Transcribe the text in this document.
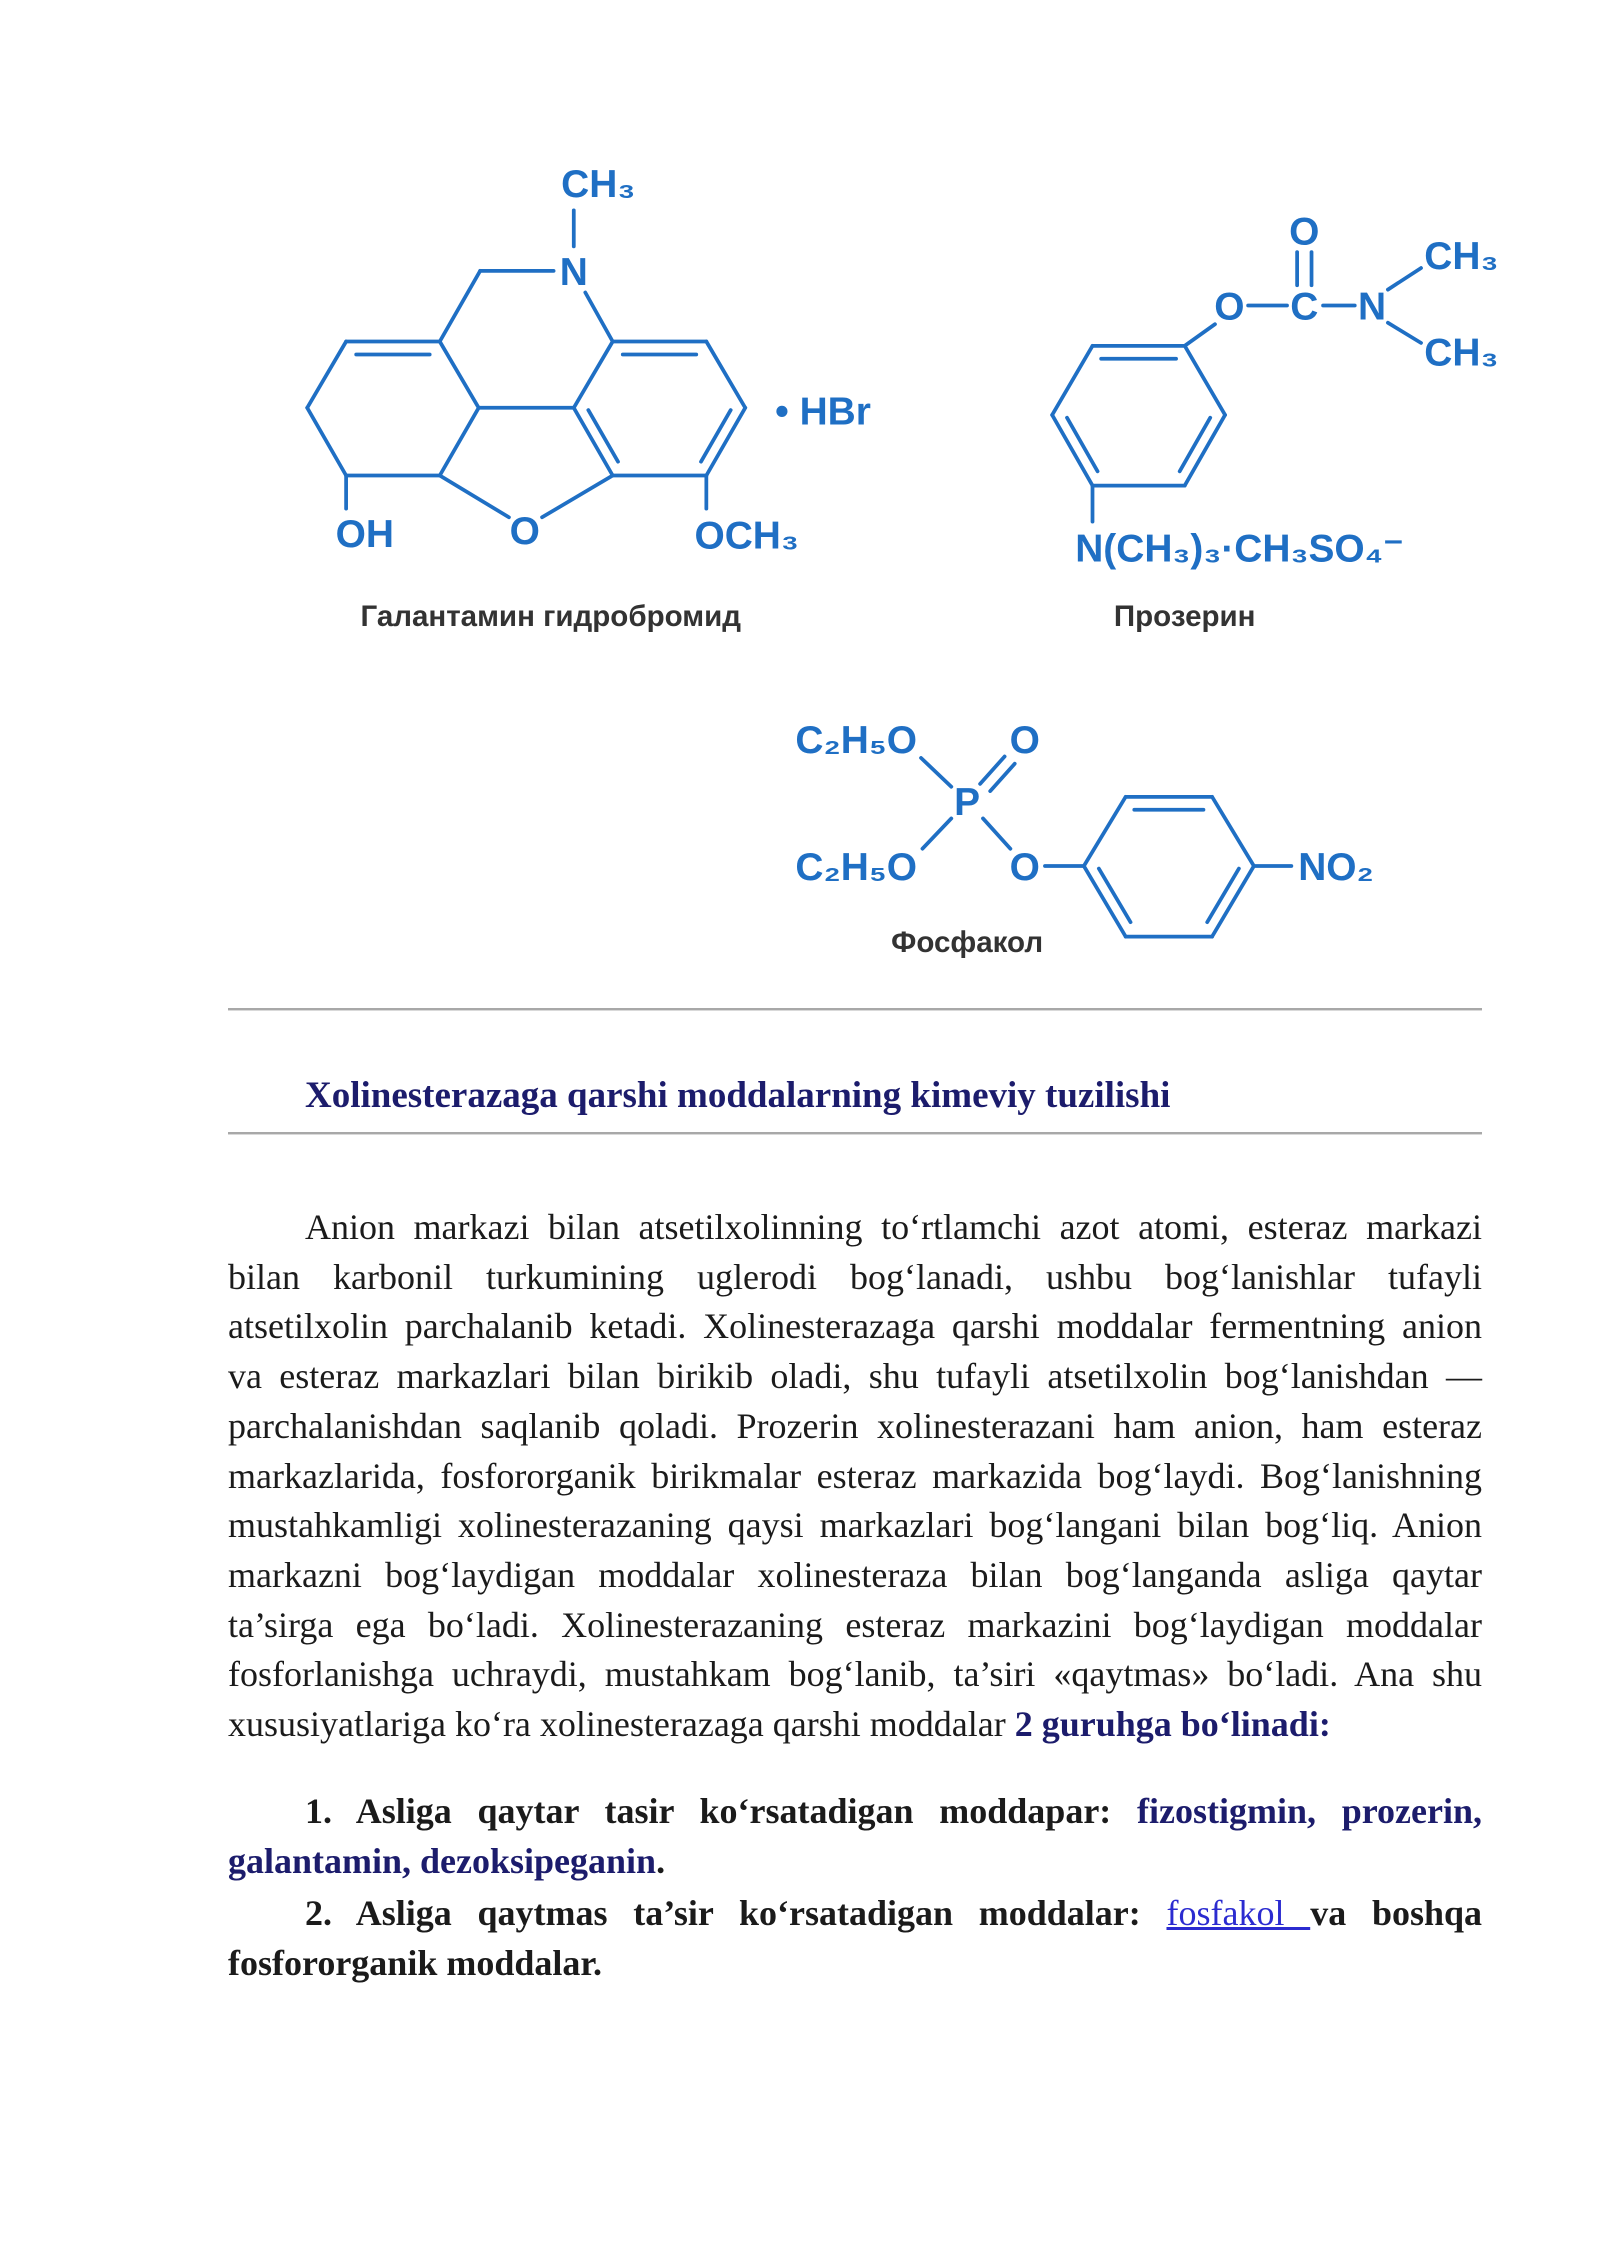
CH₃
N
OH	O	OCH₃
• HBr
Галантамин гидробромид
O
O C N
CH₃
CH₃
N(CH₃)₃·CH₃SO₄⁻
Прозерин
C₂H₅O	O
P
C₂H₅O	O	NO₂
Фосфакол
Xolinesterazaga qarshi moddalarning kimeviy tuzilishi
Anion markazi bilan atsetilxolinning to‘rtlamchi azot atomi, esteraz markazi
bilan karbonil turkumining uglerodi bog‘lanadi, ushbu bog‘lanishlar tufayli
atsetilxolin parchalanib ketadi. Xolinesterazaga qarshi moddalar fermentning anion
va esteraz markazlari bilan birikib oladi, shu tufayli atsetilxolin bog‘lanishdan —
parchalanishdan saqlanib qoladi. Prozerin xolinesterazani ham anion, ham esteraz
markazlarida, fosfororganik birikmalar esteraz markazida bog‘laydi. Bog‘lanishning
mustahkamligi xolinesterazaning qaysi markazlari bog‘langani bilan bog‘liq. Anion
markazni bog‘laydigan moddalar xolinesteraza bilan bog‘langanda asliga qaytar
ta’sirga ega bo‘ladi. Xolinesterazaning esteraz markazini bog‘laydigan moddalar
fosforlanishga uchraydi, mustahkam bog‘lanib, ta’siri «qaytmas» bo‘ladi. Ana shu
xususiyatlariga ko‘ra xolinesterazaga qarshi moddalar 2 guruhga bo‘linadi:
1. Asliga qaytar tasir ko‘rsatadigan moddapar: fizostigmin, prozerin,
galantamin, dezoksipeganin.
2. Asliga qaytmas ta’sir ko‘rsatadigan moddalar: fosfakol va boshqa
fosfororganik moddalar.
